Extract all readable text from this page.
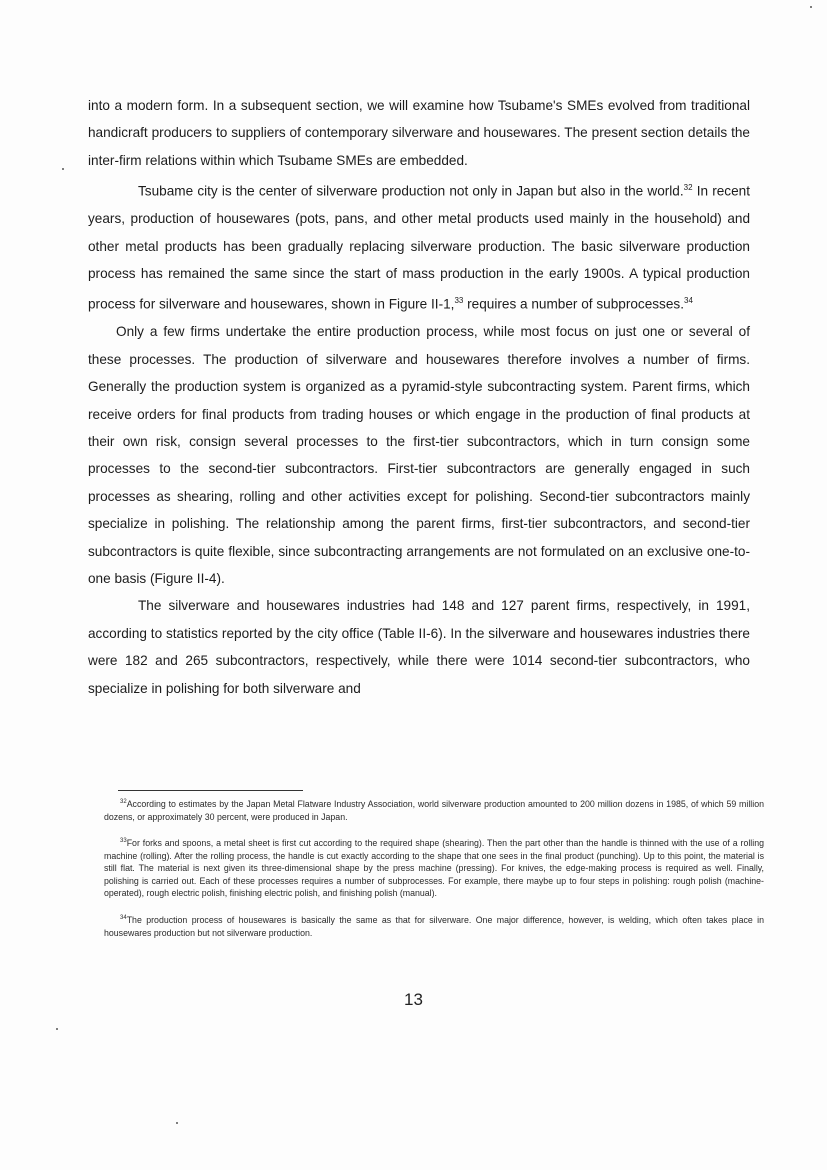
into a modern form. In a subsequent section, we will examine how Tsubame's SMEs evolved from traditional handicraft producers to suppliers of contemporary silverware and housewares. The present section details the inter-firm relations within which Tsubame SMEs are embedded.

Tsubame city is the center of silverware production not only in Japan but also in the world.$^{32}$ In recent years, production of housewares (pots, pans, and other metal products used mainly in the household) and other metal products has been gradually replacing silverware production. The basic silverware production process has remained the same since the start of mass production in the early 1900s. A typical production process for silverware and housewares, shown in Figure II-1,33 requires a number of subprocesses.$^{34}$

Only a few firms undertake the entire production process, while most focus on just one or several of these processes. The production of silverware and housewares therefore involves a number of firms. Generally the production system is organized as a pyramid-style subcontracting system. Parent firms, which receive orders for final products from trading houses or which engage in the production of final products at their own risk, consign several processes to the first-tier subcontractors, which in turn consign some processes to the second-tier subcontractors. First-tier subcontractors are generally engaged in such processes as shearing, rolling and other activities except for polishing. Second-tier subcontractors mainly specialize in polishing. The relationship among the parent firms, first-tier subcontractors, and second-tier subcontractors is quite flexible, since subcontracting arrangements are not formulated on an exclusive one-to-one basis (Figure II-4).

The silverware and housewares industries had 148 and 127 parent firms, respectively, in 1991, according to statistics reported by the city office (Table II-6). In the silverware and housewares industries there were 182 and 265 subcontractors, respectively, while there were 1014 second-tier subcontractors, who specialize in polishing for both silverware and

$^{32}$According to estimates by the Japan Metal Flatware Industry Association, world silverware production amounted to 200 million dozens in 1985, of which 59 million dozens, or approximately 30 percent, were produced in Japan.

$^{33}$For forks and spoons, a metal sheet is first cut according to the required shape (shearing). Then the part other than the handle is thinned with the use of a rolling machine (rolling). After the rolling process, the handle is cut exactly according to the shape that one sees in the final product (punching). Up to this point, the material is still flat. The material is next given its three-dimensional shape by the press machine (pressing). For knives, the edge-making process is required as well. Finally, polishing is carried out. Each of these processes requires a number of subprocesses. For example, there maybe up to four steps in polishing: rough polish (machine-operated), rough electric polish, finishing electric polish, and finishing polish (manual).

$^{34}$The production process of housewares is basically the same as that for silverware. One major difference, however, is welding, which often takes place in housewares production but not silverware production.

13
